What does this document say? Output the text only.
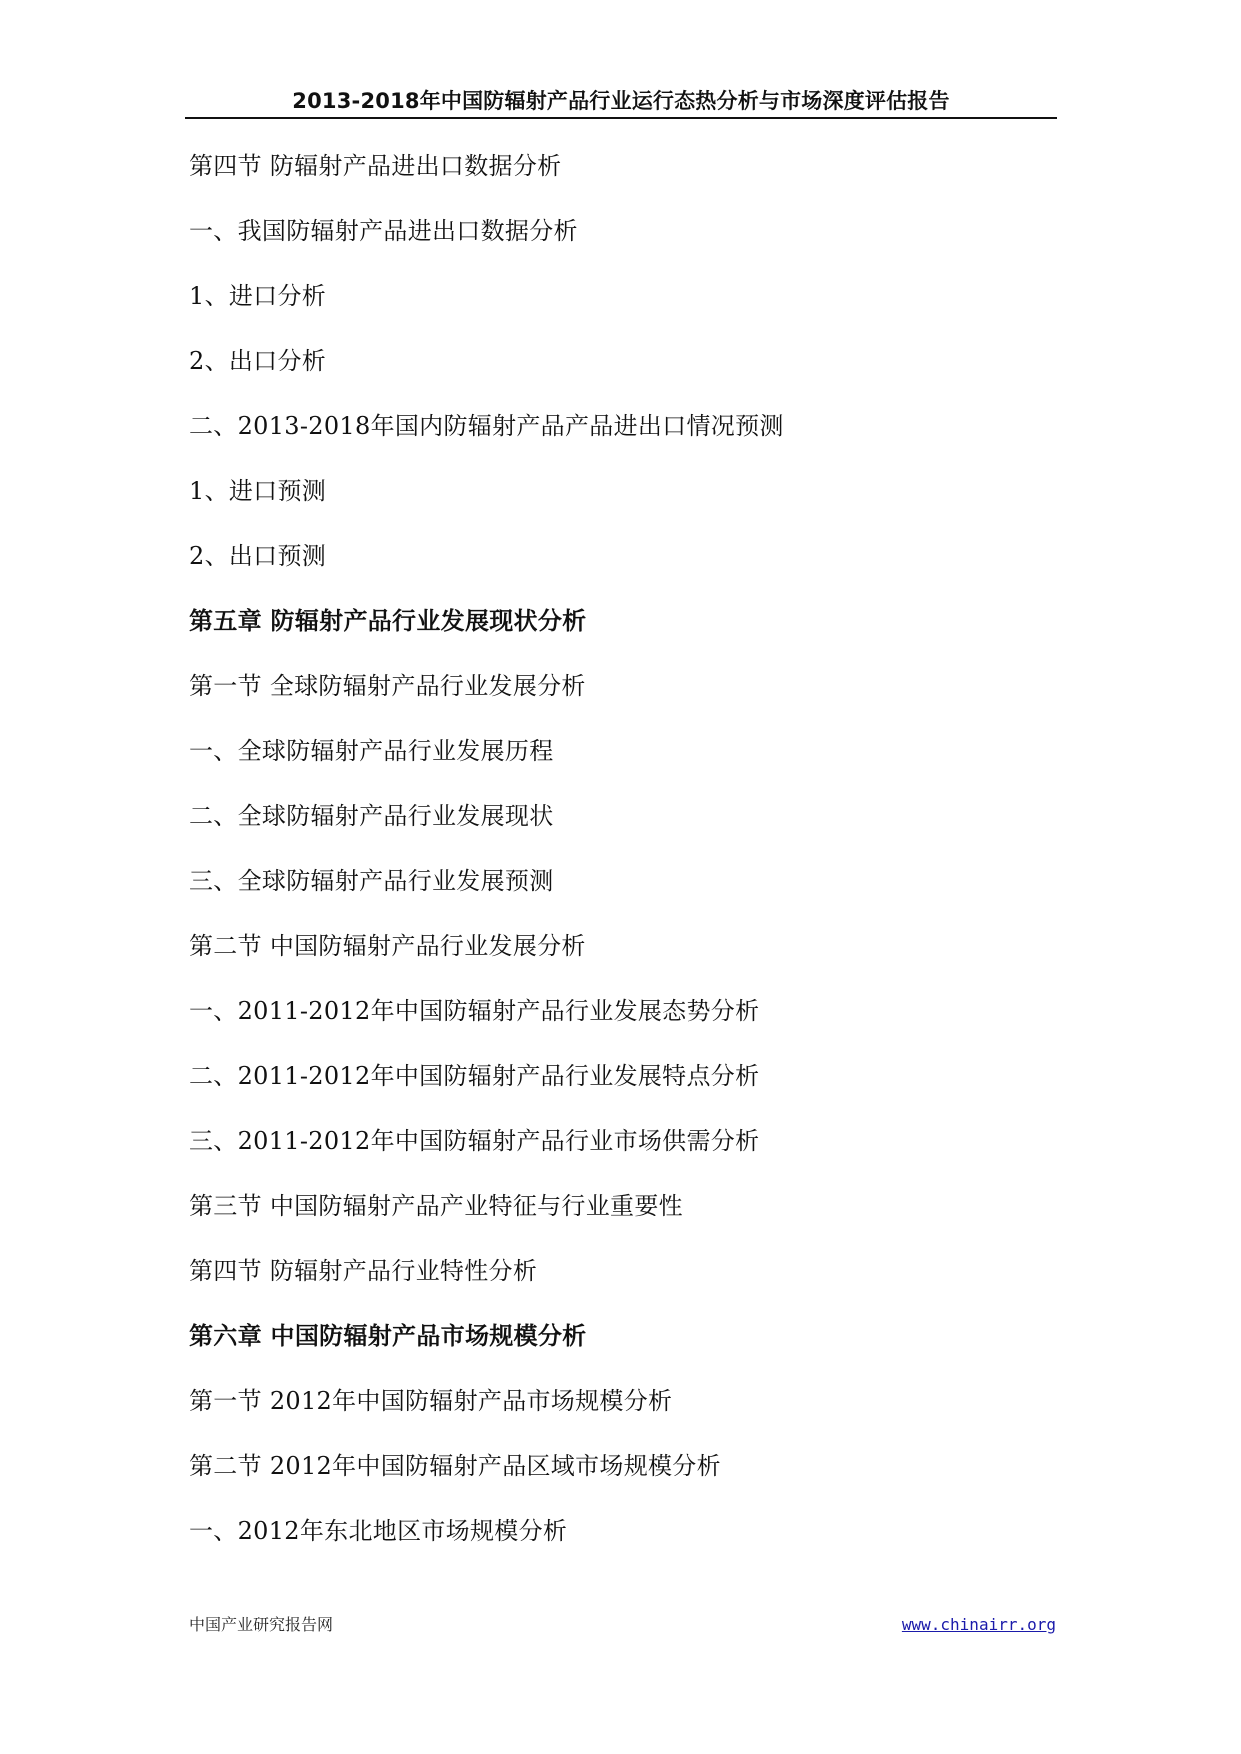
2013-2018年中国防辐射产品行业运行态热分析与市场深度评估报告
第四节 防辐射产品进出口数据分析
一、我国防辐射产品进出口数据分析
1、进口分析
2、出口分析
二、2013-2018年国内防辐射产品产品进出口情况预测
1、进口预测
2、出口预测
第五章 防辐射产品行业发展现状分析
第一节 全球防辐射产品行业发展分析
一、全球防辐射产品行业发展历程
二、全球防辐射产品行业发展现状
三、全球防辐射产品行业发展预测
第二节 中国防辐射产品行业发展分析
一、2011-2012年中国防辐射产品行业发展态势分析
二、2011-2012年中国防辐射产品行业发展特点分析
三、2011-2012年中国防辐射产品行业市场供需分析
第三节 中国防辐射产品产业特征与行业重要性
第四节 防辐射产品行业特性分析
第六章 中国防辐射产品市场规模分析
第一节 2012年中国防辐射产品市场规模分析
第二节 2012年中国防辐射产品区域市场规模分析
一、2012年东北地区市场规模分析
中国产业研究报告网	www.chinairr.org
